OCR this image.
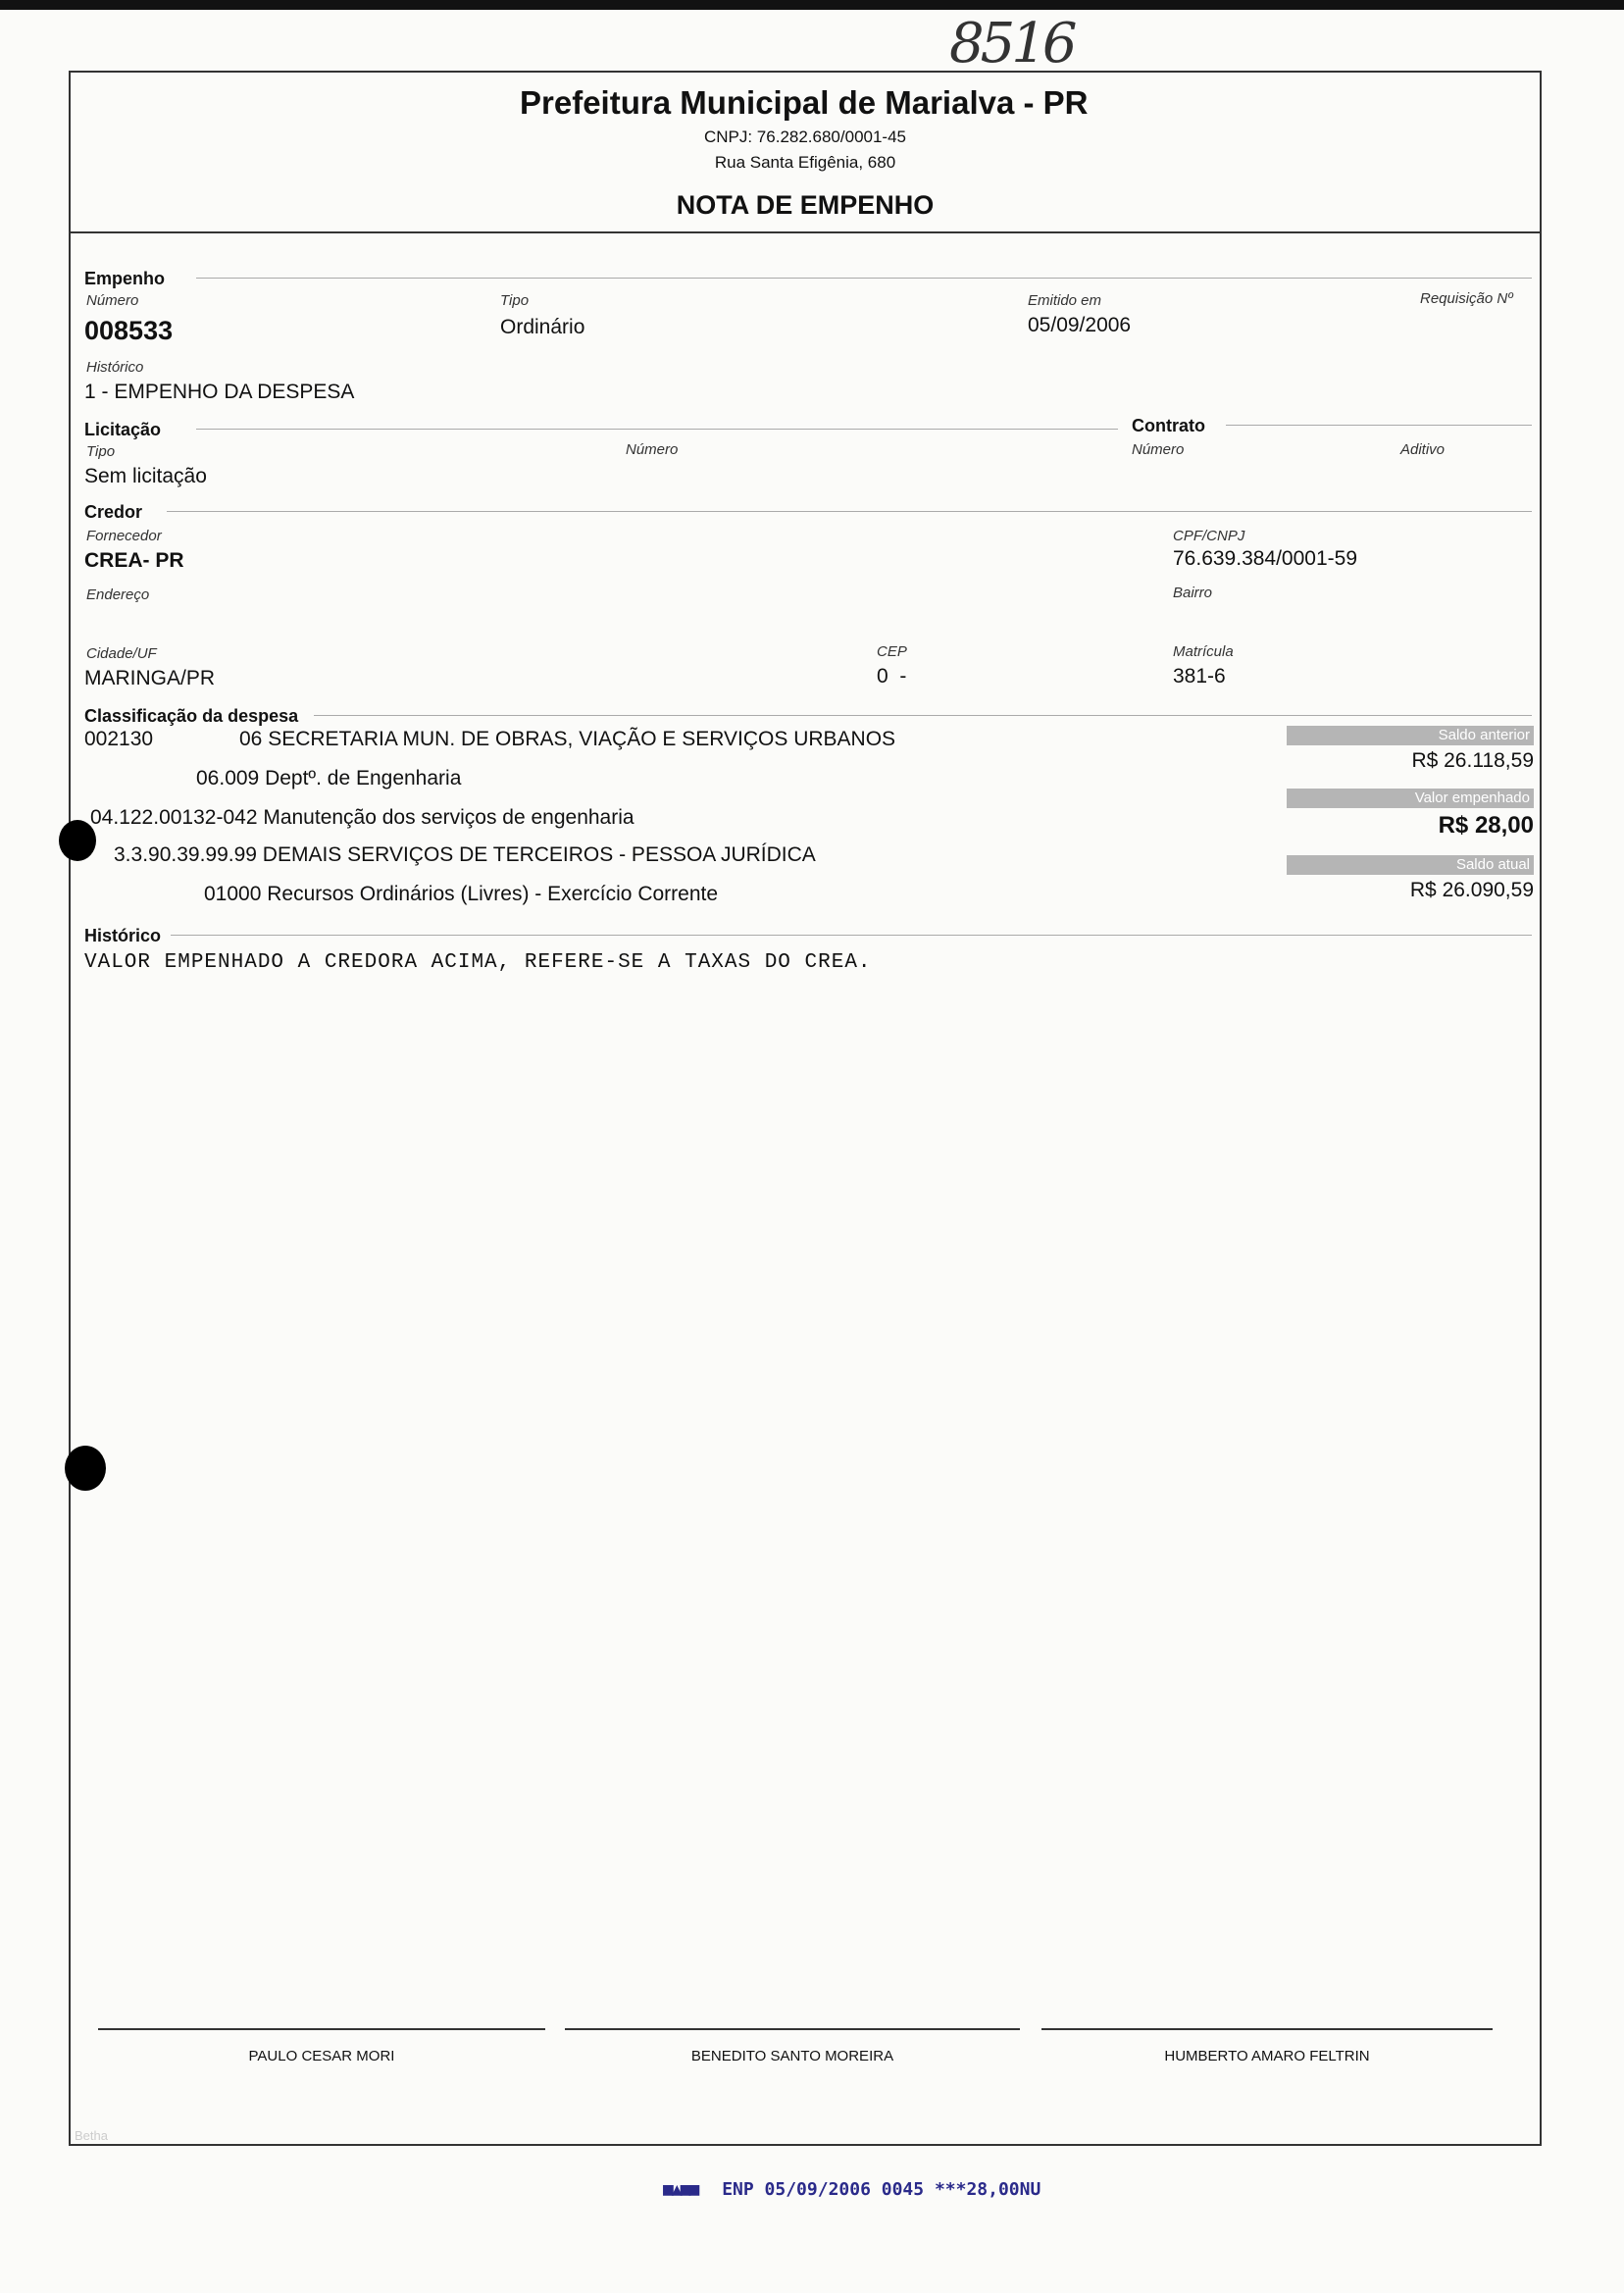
8516
Prefeitura Municipal de Marialva - PR
CNPJ: 76.282.680/0001-45
Rua Santa Efigênia, 680
NOTA DE EMPENHO
Empenho
Número
008533
Tipo
Ordinário
Emitido em
05/09/2006
Requisição Nº
Histórico
1 - EMPENHO DA DESPESA
Licitação
Tipo
Sem licitação
Número
Contrato
Número	Aditivo
Credor
Fornecedor
CREA- PR
CPF/CNPJ
76.639.384/0001-59
Endereço	Bairro
Cidade/UF
MARINGA/PR
CEP
0  -
Matrícula
381-6
Classificação da despesa
002130	06 SECRETARIA MUN. DE OBRAS, VIAÇÃO E SERVIÇOS URBANOS
06.009 Deptº. de Engenharia
04.122.00132-042 Manutenção dos serviços de engenharia
3.3.90.39.99.99 DEMAIS SERVIÇOS DE TERCEIROS - PESSOA JURÍDICA
01000 Recursos Ordinários (Livres) - Exercício Corrente
Saldo anterior
R$ 26.118,59
Valor empenhado
R$ 28,00
Saldo atual
R$ 26.090,59
Histórico
VALOR EMPENHADO A CREDORA ACIMA, REFERE-SE A TAXAS DO CREA.
PAULO CESAR MORI	BENEDITO SANTO MOREIRA	HUMBERTO AMARO FELTRIN
Betha
■▲■■ ENP 05/09/2006 0045 ***28,00NU
